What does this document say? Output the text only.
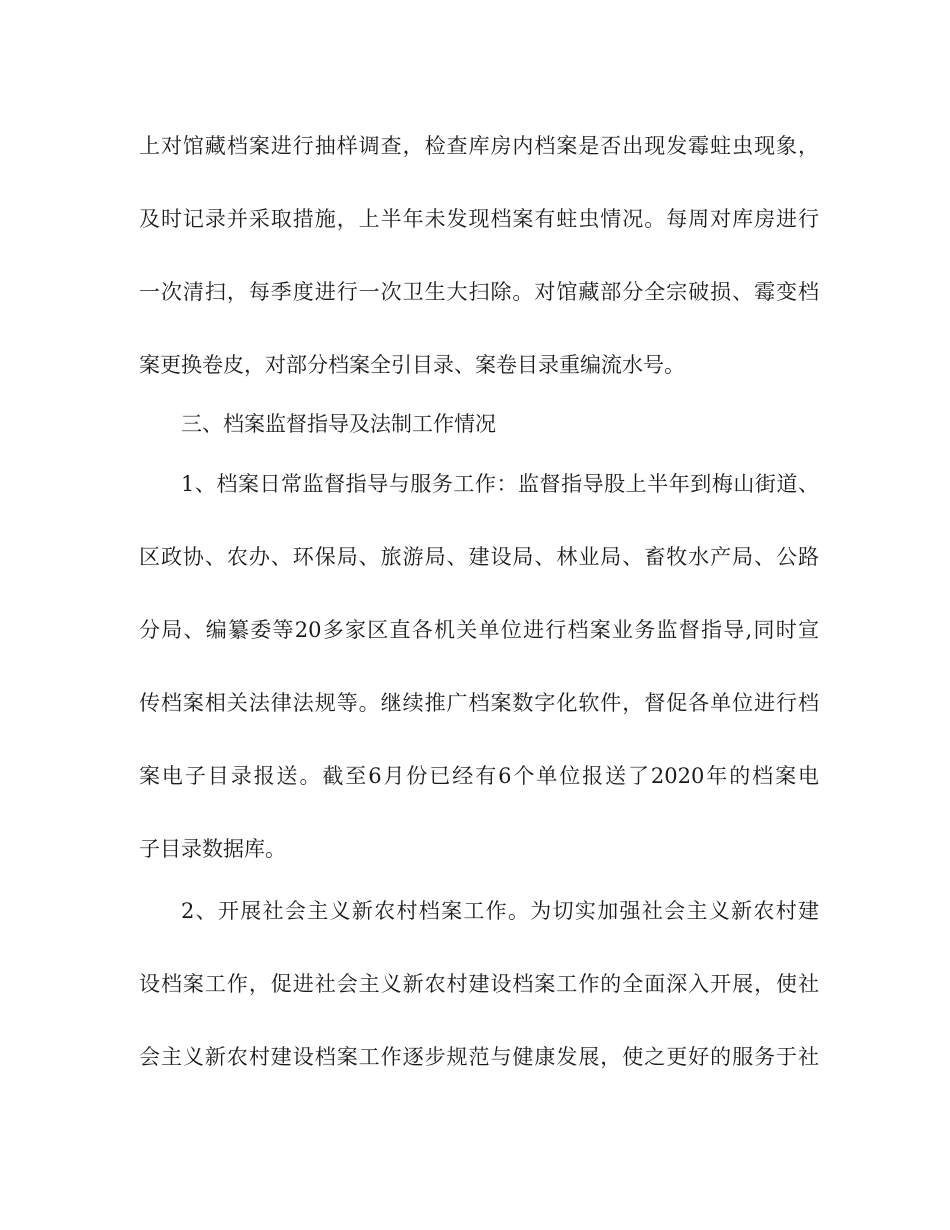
上对馆藏档案进行抽样调查，检查库房内档案是否出现发霉蛀虫现象，
及时记录并采取措施，上半年未发现档案有蛀虫情况。每周对库房进行
一次清扫，每季度进行一次卫生大扫除。对馆藏部分全宗破损、霉变档
案更换卷皮，对部分档案全引目录、案卷目录重编流水号。
三、档案监督指导及法制工作情况
1、档案日常监督指导与服务工作：监督指导股上半年到梅山街道、
区政协、农办、环保局、旅游局、建设局、林业局、畜牧水产局、公路
分局、编纂委等20多家区直各机关单位进行档案业务监督指导,同时宣
传档案相关法律法规等。继续推广档案数字化软件，督促各单位进行档
案电子目录报送。截至6月份已经有6个单位报送了2020年的档案电
子目录数据库。
2、开展社会主义新农村档案工作。为切实加强社会主义新农村建
设档案工作，促进社会主义新农村建设档案工作的全面深入开展，使社
会主义新农村建设档案工作逐步规范与健康发展，使之更好的服务于社
